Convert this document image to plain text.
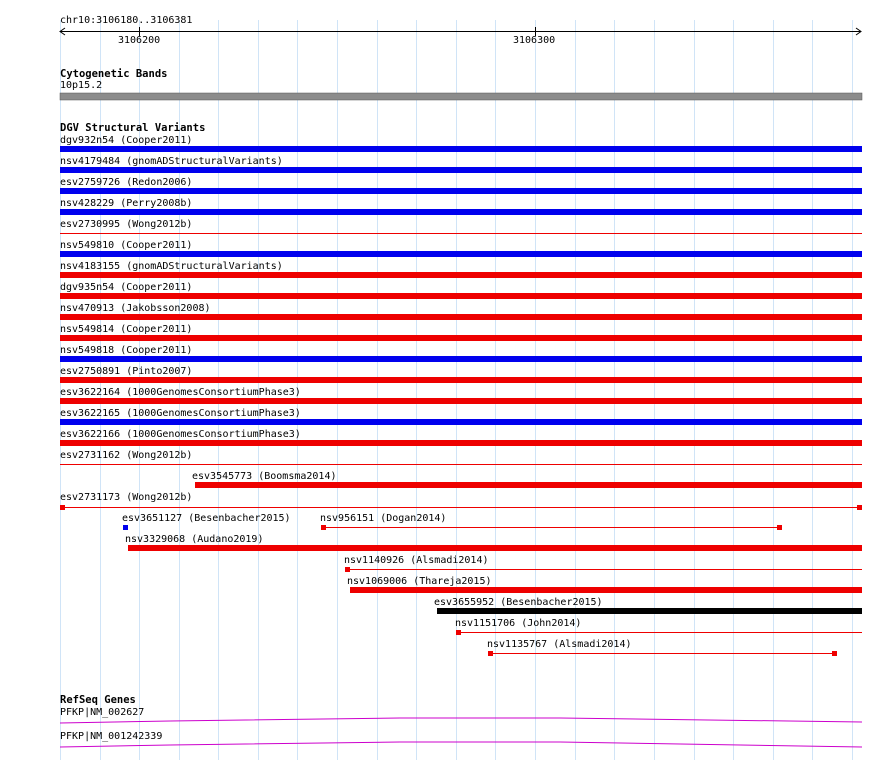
chr10:3106180..3106381
3106200	3106300
Cytogenetic Bands
10p15.2
DGV Structural Variants
dgv932n54 (Cooper2011)
nsv4179484 (gnomADStructuralVariants)
esv2759726 (Redon2006)
nsv428229 (Perry2008b)
esv2730995 (Wong2012b)
nsv549810 (Cooper2011)
nsv4183155 (gnomADStructuralVariants)
dgv935n54 (Cooper2011)
nsv470913 (Jakobsson2008)
nsv549814 (Cooper2011)
nsv549818 (Cooper2011)
esv2750891 (Pinto2007)
esv3622164 (1000GenomesConsortiumPhase3)
esv3622165 (1000GenomesConsortiumPhase3)
esv3622166 (1000GenomesConsortiumPhase3)
esv2731162 (Wong2012b)
esv3545773 (Boomsma2014)
esv2731173 (Wong2012b)
esv3651127 (Besenbacher2015)	nsv956151 (Dogan2014)
nsv3329068 (Audano2019)
nsv1140926 (Alsmadi2014)
nsv1069006 (Thareja2015)
esv3655952 (Besenbacher2015)
nsv1151706 (John2014)
nsv1135767 (Alsmadi2014)
RefSeq Genes
PFKP|NM_002627
PFKP|NM_001242339
